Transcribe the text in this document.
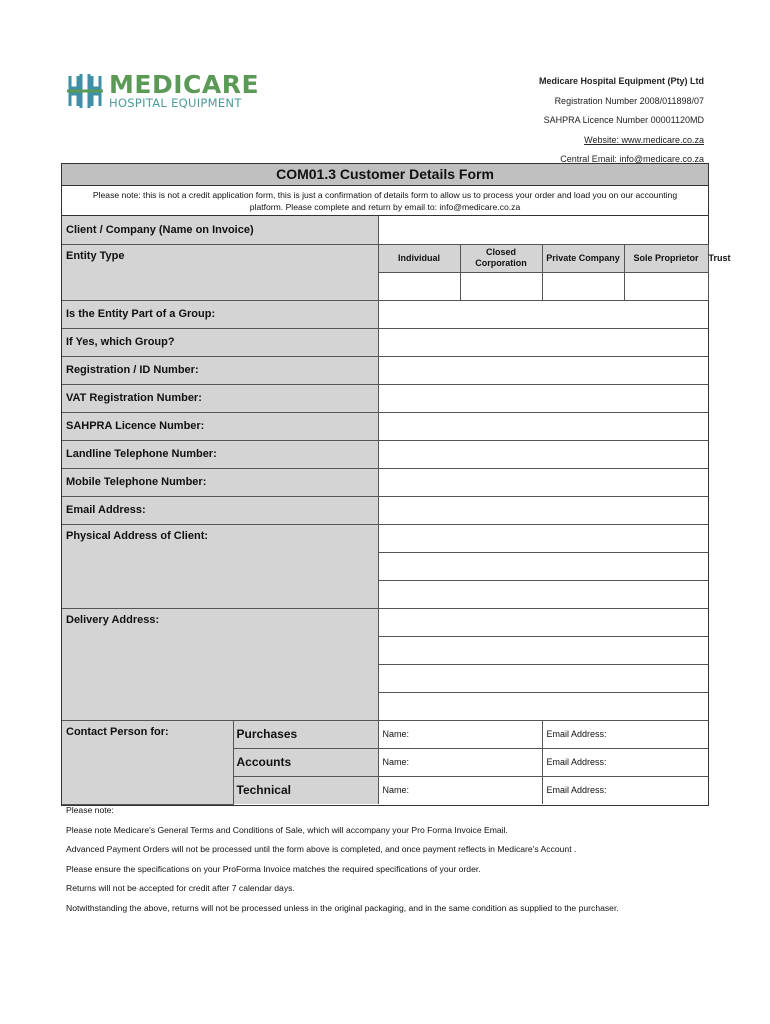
MEDICARE
HOSPITAL EQUIPMENT
Medicare Hospital Equipment (Pty) Ltd
Registration Number 2008/011898/07
SAHPRA Licence Number 00001120MD
Website: www.medicare.co.za
Central Email: info@medicare.co.za
COM01.3 Customer Details Form
Please note: this is not a credit application form, this is just a confirmation of details form to allow us to process your order and load you on our accounting
platform. Please complete and return by email to: info@medicare.co.za
Client / Company (Name on Invoice)						
Entity Type		Individual	Closed
Corporation	Private Company	Sole Proprietor	Trust

Is the Entity Part of a Group:						
If Yes, which Group?						
Registration / ID Number:						
VAT Registration Number:						
SAHPRA Licence Number:						
Landline Telephone Number:						
Mobile Telephone Number:						
Email Address:						
Physical Address of Client:						

Delivery Address:						

Contact Person for:	Purchases	Name:		Email Address:		
	Accounts	Name:		Email Address:		
	Technical	Name:		Email Address:		
Please note:
Please note Medicare's General Terms and Conditions of Sale, which will accompany your Pro Forma Invoice Email.
Advanced Payment Orders will not be processed until the form above is completed, and once payment reflects in Medicare's Account .
Please ensure the specifications on your ProForma Invoice matches the required specifications of your order.
Returns will not be accepted for credit after 7 calendar days.
Notwithstanding the above, returns will not be processed unless in the original packaging, and in the same condition as supplied to the purchaser.
